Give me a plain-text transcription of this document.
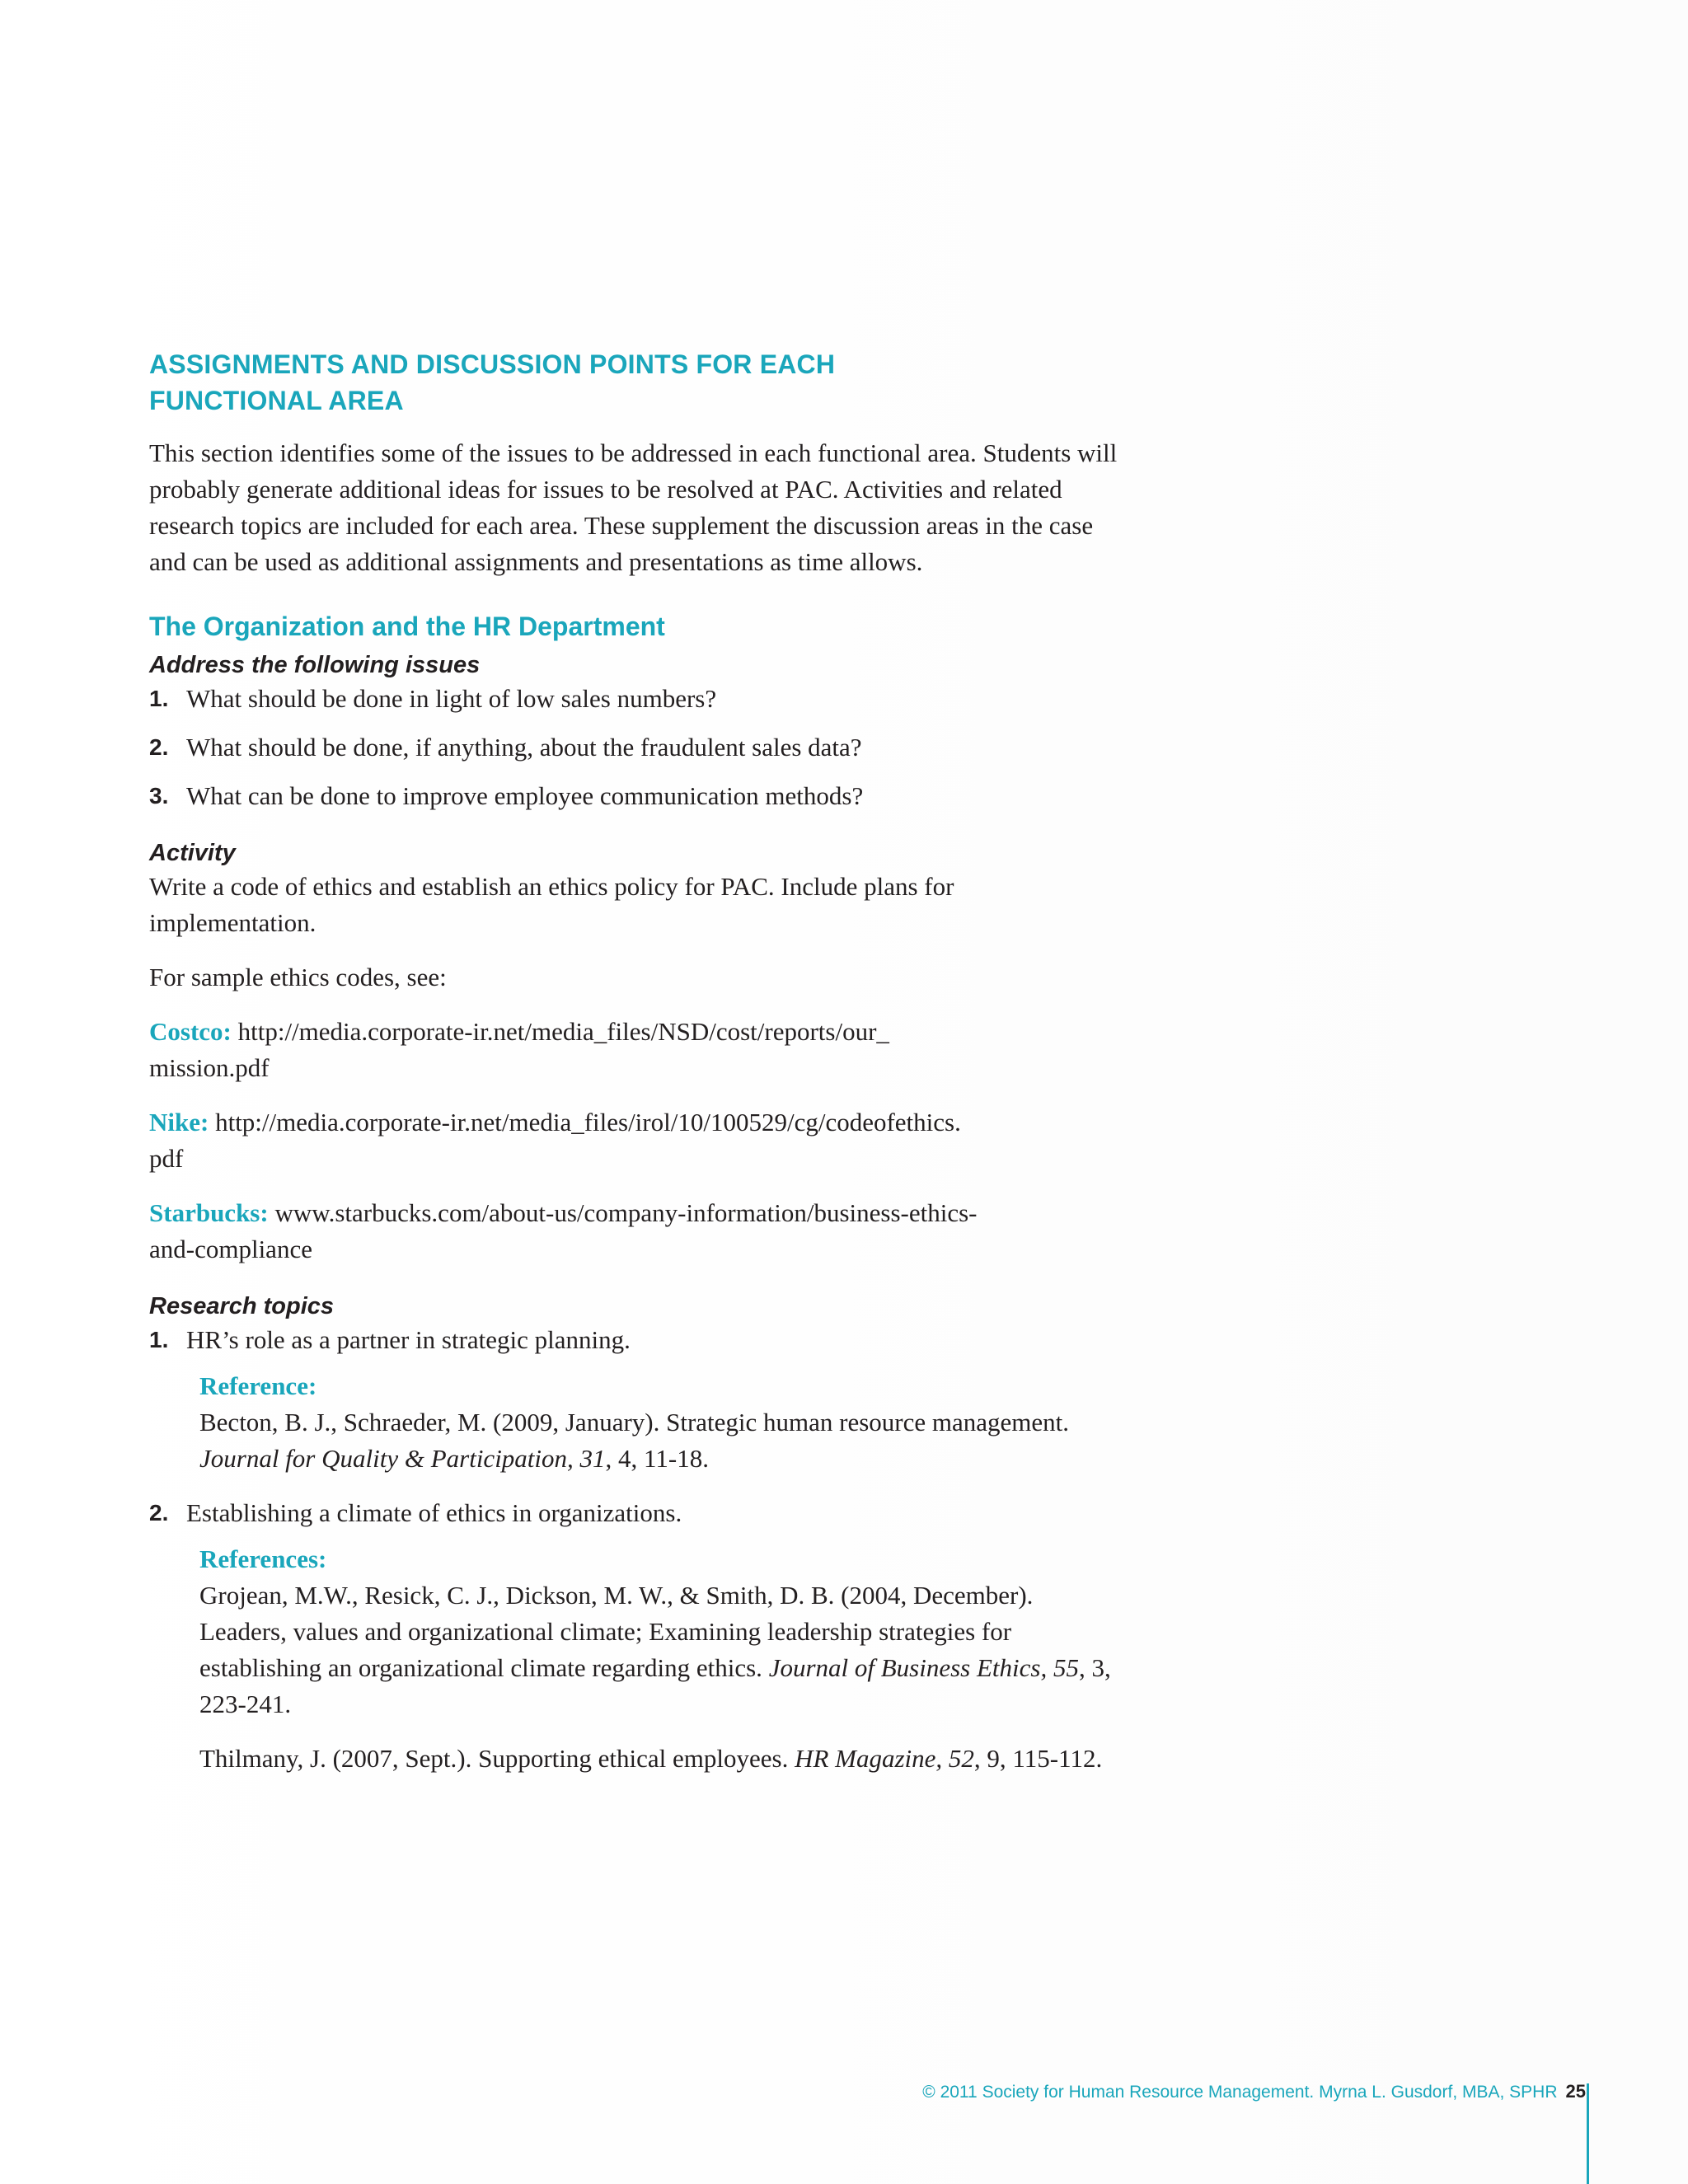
ASSIGNMENTS AND DISCUSSION POINTS FOR EACH FUNCTIONAL AREA

This section identifies some of the issues to be addressed in each functional area. Students will probably generate additional ideas for issues to be resolved at PAC. Activities and related research topics are included for each area. These supplement the discussion areas in the case and can be used as additional assignments and presentations as time allows.

The Organization and the HR Department
Address the following issues
1. What should be done in light of low sales numbers?
2. What should be done, if anything, about the fraudulent sales data?
3. What can be done to improve employee communication methods?
Activity

Write a code of ethics and establish an ethics policy for PAC. Include plans for implementation.

For sample ethics codes, see:

Costco: http://media.corporate-ir.net/media_files/NSD/cost/reports/our_
mission.pdf

Nike: http://media.corporate-ir.net/media_files/irol/10/100529/cg/codeofethics.
pdf

Starbucks: www.starbucks.com/about-us/company-information/business-ethics-
and-compliance

Research topics
1. HR’s role as a partner in strategic planning.
Reference:

Becton, B. J., Schraeder, M. (2009, January). Strategic human resource management. Journal for Quality & Participation, 31, 4, 11-18.

2. Establishing a climate of ethics in organizations.
References:

Grojean, M.W., Resick, C. J., Dickson, M. W., & Smith, D. B. (2004, December). Leaders, values and organizational climate; Examining leadership strategies for establishing an organizational climate regarding ethics. Journal of Business Ethics, 55, 3, 223-241.

Thilmany, J. (2007, Sept.). Supporting ethical employees. HR Magazine, 52, 9, 115-112.

© 2011 Society for Human Resource Management. Myrna L. Gusdorf, MBA, SPHR 25
